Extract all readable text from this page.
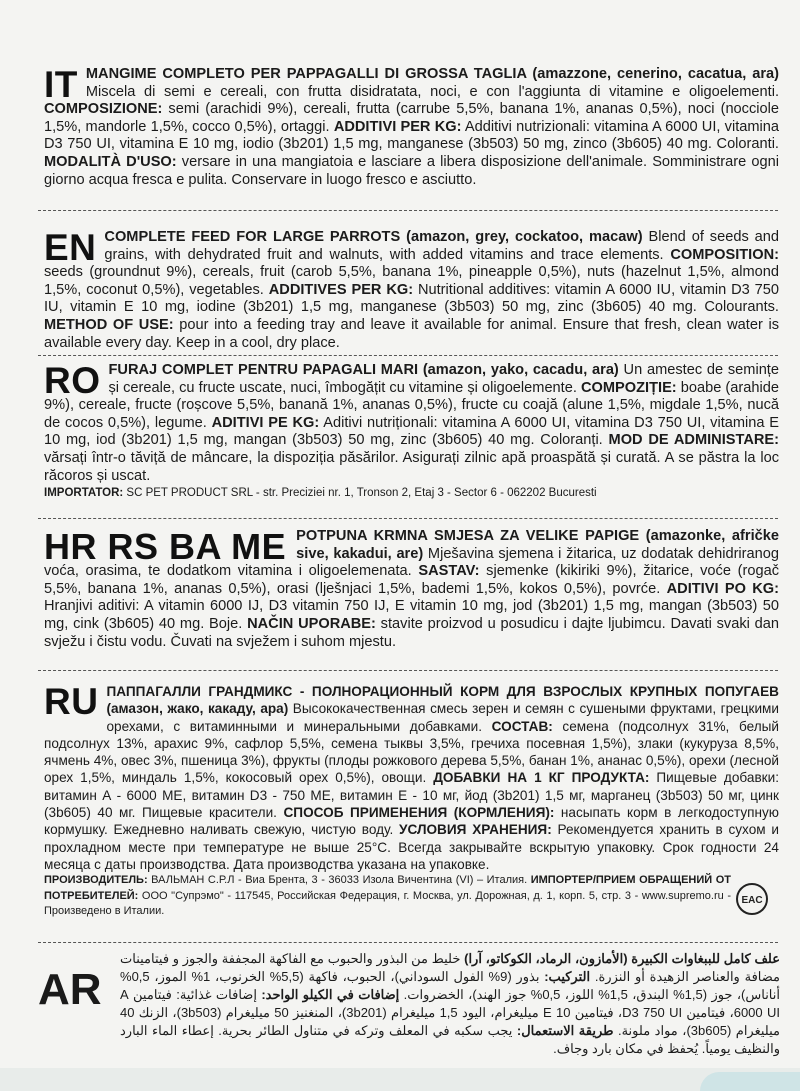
IT MANGIME COMPLETO PER PAPPAGALLI DI GROSSA TAGLIA (amazzone, cenerino, cacatua, ara) Miscela di semi e cereali, con frutta disidratata, noci, e con l'aggiunta di vitamine e oligoelementi. COMPOSIZIONE: semi (arachidi 9%), cereali, frutta (carrube 5,5%, banana 1%, ananas 0,5%), noci (nocciole 1,5%, mandorle 1,5%, cocco 0,5%), ortaggi. ADDITIVI PER KG: Additivi nutrizionali: vitamina A 6000 UI, vitamina D3 750 UI, vitamina E 10 mg, iodio (3b201) 1,5 mg, manganese (3b503) 50 mg, zinco (3b605) 40 mg. Coloranti. MODALITÀ D'USO: versare in una mangiatoia e lasciare a libera disposizione dell'animale. Somministrare ogni giorno acqua fresca e pulita. Conservare in luogo fresco e asciutto.

EN COMPLETE FEED FOR LARGE PARROTS (amazon, grey, cockatoo, macaw) Blend of seeds and grains, with dehydrated fruit and walnuts, with added vitamins and trace elements. COMPOSITION: seeds (groundnut 9%), cereals, fruit (carob 5,5%, banana 1%, pineapple 0,5%), nuts (hazelnut 1,5%, almond 1,5%, coconut 0,5%), vegetables. ADDITIVES PER KG: Nutritional additives: vitamin A 6000 IU, vitamin D3 750 IU, vitamin E 10 mg, iodine (3b201) 1,5 mg, manganese (3b503) 50 mg, zinc (3b605) 40 mg. Colourants. METHOD OF USE: pour into a feeding tray and leave it available for animal. Ensure that fresh, clean water is available every day. Keep in a cool, dry place.

RO FURAJ COMPLET PENTRU PAPAGALI MARI (amazon, yako, cacadu, ara) Un amestec de semințe și cereale, cu fructe uscate, nuci, îmbogățit cu vitamine și oligoelemente. COMPOZIȚIE: boabe (arahide 9%), cereale, fructe (roșcove 5,5%, banană 1%, ananas 0,5%), fructe cu coajă (alune 1,5%, migdale 1,5%, nucă de cocos 0,5%), legume. ADITIVI PE KG: Aditivi nutriționali: vitamina A 6000 UI, vitamina D3 750 UI, vitamina E 10 mg, iod (3b201) 1,5 mg, mangan (3b503) 50 mg, zinc (3b605) 40 mg. Coloranți. MOD DE ADMINISTARE: vărsați într-o tăviță de mâncare, la dispoziția păsărilor. Asigurați zilnic apă proaspătă și curată. A se păstra la loc răcoros și uscat.
IMPORTATOR: SC PET PRODUCT SRL - str. Preciziei nr. 1, Tronson 2, Etaj 3 - Sector 6 - 062202 Bucuresti

HR RS BA ME POTPUNA KRMNA SMJESA ZA VELIKE PAPIGE (amazonke, afričke sive, kakadui, are) Mješavina sjemena i žitarica, uz dodatak dehidriranog voća, orasima, te dodatkom vitamina i oligoelemenata. SASTAV: sjemenke (kikiriki 9%), žitarice, voće (rogač 5,5%, banana 1%, ananas 0,5%), orasi (lješnjaci 1,5%, bademi 1,5%, kokos 0,5%), povrće. ADITIVI PO KG: Hranjivi aditivi: A vitamin 6000 IJ, D3 vitamin 750 IJ, E vitamin 10 mg, jod (3b201) 1,5 mg, mangan (3b503) 50 mg, cink (3b605) 40 mg. Boje. NAČIN UPORABE: stavite proizvod u posudicu i dajte ljubimcu. Davati svaki dan svježu i čistu vodu. Čuvati na svježem i suhom mjestu.

RU ПАППАГАЛЛИ ГРАНДМИКС - ПОЛНОРАЦИОННЫЙ КОРМ ДЛЯ ВЗРОСЛЫХ КРУПНЫХ ПОПУГАЕВ (амазон, жако, какаду, ара) Высококачественная смесь зерен и семян с сушеными фруктами, грецкими орехами, с витаминными и минеральными добавками. СОСТАВ: семена (подсолнух 31%, белый подсолнух 13%, арахис 9%, сафлор 5,5%, семена тыквы 3,5%, гречиха посевная 1,5%), злаки (кукуруза 8,5%, ячмень 4%, овес 3%, пшеница 3%), фрукты (плоды рожкового дерева 5,5%, банан 1%, ананас 0,5%), орехи (лесной орех 1,5%, миндаль 1,5%, кокосовый орех 0,5%), овощи. ДОБАВКИ НА 1 КГ ПРОДУКТА: Пищевые добавки: витамин А - 6000 МЕ, витамин D3 - 750 МЕ, витамин Е - 10 мг, йод (3b201) 1,5 мг, марганец (3b503) 50 мг, цинк (3b605) 40 мг. Пищевые красители. СПОСОБ ПРИМЕНЕНИЯ (КОРМЛЕНИЯ): насыпать корм в легкодоступную кормушку. Ежедневно наливать свежую, чистую воду. УСЛОВИЯ ХРАНЕНИЯ: Рекомендуется хранить в сухом и прохладном месте при температуре не выше 25°С. Всегда закрывайте вскрытую упаковку. Срок годности 24 месяца с даты производства. Дата производства указана на упаковке.
ПРОИЗВОДИТЕЛЬ: ВАЛЬМАН С.Р.Л - Виа Брента, 3 - 36033 Изола Вичентина (VI) – Италия. ИМПОРТЕР/ПРИЕМ ОБРАЩЕНИЙ ОТ ПОТРЕБИТЕЛЕЙ: ООО "Супрэмо" - 117545, Российская Федерация, г. Москва, ул. Дорожная, д. 1, корп. 5, стр. 3 - www.supremo.ru - Произведено в Италии.

EAC
AR

علف كامل للببغاوات الكبيرة (الأمازون، الرماد، الكوكاتو، آرا) خليط من البذور والحبوب مع الفاكهة المجففة والجوز و فيتامينات مضافة والعناصر الزهيدة أو النزرة. التركيب: بذور (9% الفول السوداني)، الحبوب، فاكهة (5,5% الخرنوب، 1% الموز، 0,5% أناناس)، جوز (1,5% البندق، 1,5% اللوز، 0,5% جوز الهند)، الخضروات. إضافات في الكيلو الواحد: إضافات غذائية: فيتامين A 6000 UI، فيتامين D3 750 UI، فيتامين E 10 ميليغرام، اليود 1,5 ميليغرام (3b201)، المنغنيز 50 ميليغرام (3b503)، الزنك 40 ميليغرام (3b605)، مواد ملونة. طريقة الاستعمال: يجب سكبه في المعلف وتركه في متناول الطائر بحرية. إعطاء الماء البارد والنظيف يومياً. يُحفظ في مكان بارد وجاف.
